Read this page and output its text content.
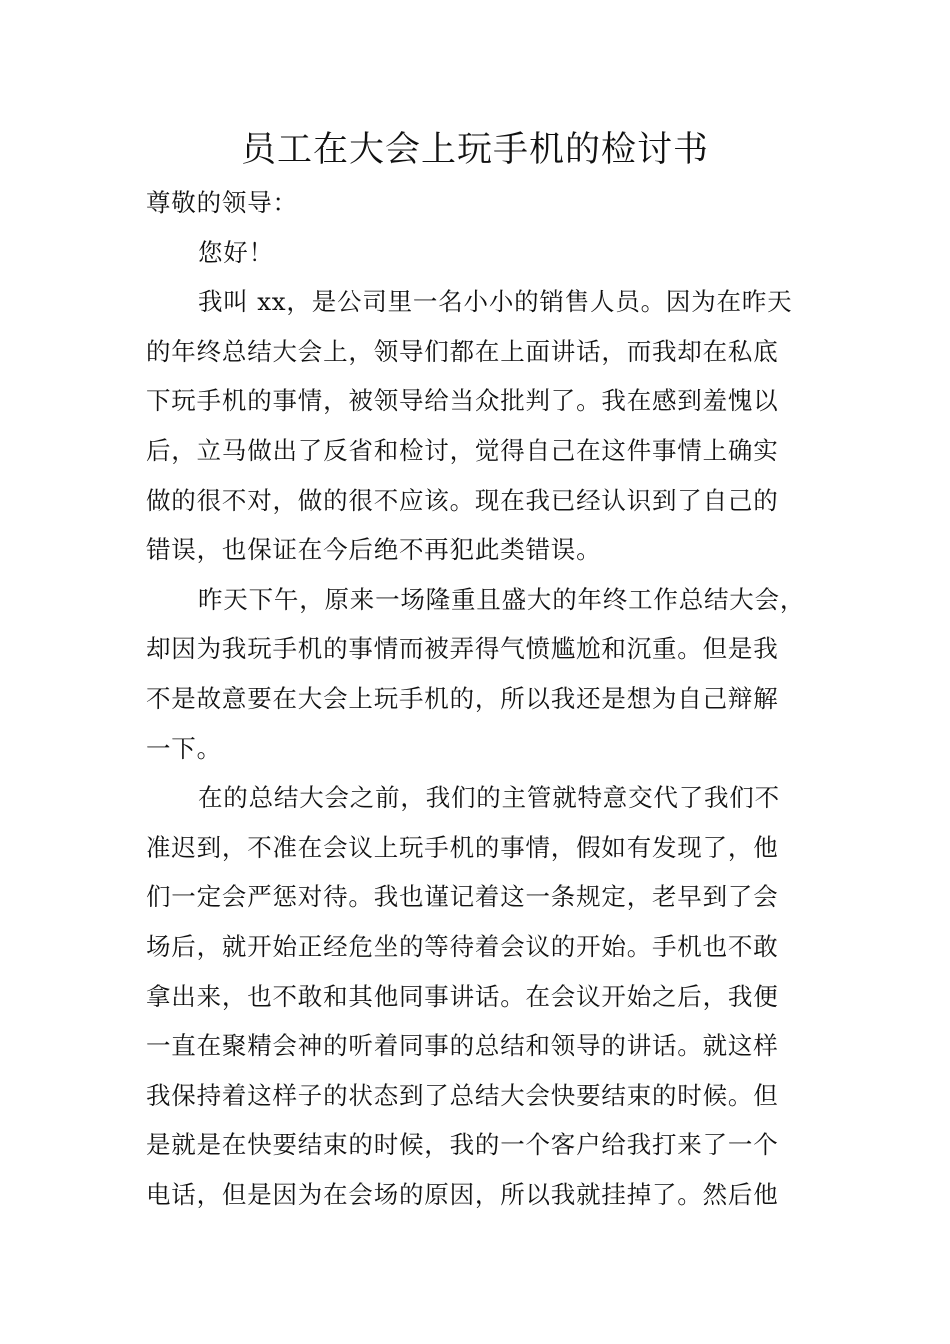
员工在大会上玩手机的检讨书
尊敬的领导：
您好！
我叫 xx，是公司里一名小小的销售人员。因为在昨天
的年终总结大会上，领导们都在上面讲话，而我却在私底
下玩手机的事情，被领导给当众批判了。我在感到羞愧以
后，立马做出了反省和检讨，觉得自己在这件事情上确实
做的很不对，做的很不应该。现在我已经认识到了自己的
错误，也保证在今后绝不再犯此类错误。
昨天下午，原来一场隆重且盛大的年终工作总结大会，
却因为我玩手机的事情而被弄得气愤尴尬和沉重。但是我
不是故意要在大会上玩手机的，所以我还是想为自己辩解
一下。
在的总结大会之前，我们的主管就特意交代了我们不
准迟到，不准在会议上玩手机的事情，假如有发现了，他
们一定会严惩对待。我也谨记着这一条规定，老早到了会
场后，就开始正经危坐的等待着会议的开始。手机也不敢
拿出来，也不敢和其他同事讲话。在会议开始之后，我便
一直在聚精会神的听着同事的总结和领导的讲话。就这样
我保持着这样子的状态到了总结大会快要结束的时候。但
是就是在快要结束的时候，我的一个客户给我打来了一个
电话，但是因为在会场的原因，所以我就挂掉了。然后他
